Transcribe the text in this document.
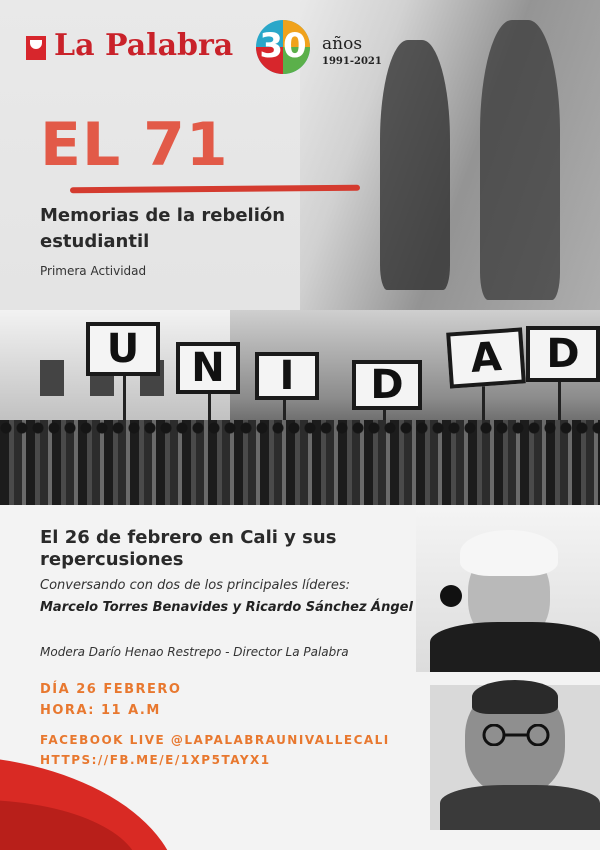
U	N	I	D
A	D
La Palabra 30 años
1991-2021
EL 71
Memorias de la rebelión estudiantil
Primera Actividad
El 26 de febrero en Cali y sus repercusiones
Conversando con dos de los principales líderes:
Marcelo Torres Benavides y Ricardo Sánchez Ángel
Modera Darío Henao Restrepo - Director La Palabra
DÍA 26 FEBRERO
HORA: 11 A.M
FACEBOOK LIVE @LAPALABRAUNIVALLECALI
HTTPS://FB.ME/E/1XP5TAYX1
